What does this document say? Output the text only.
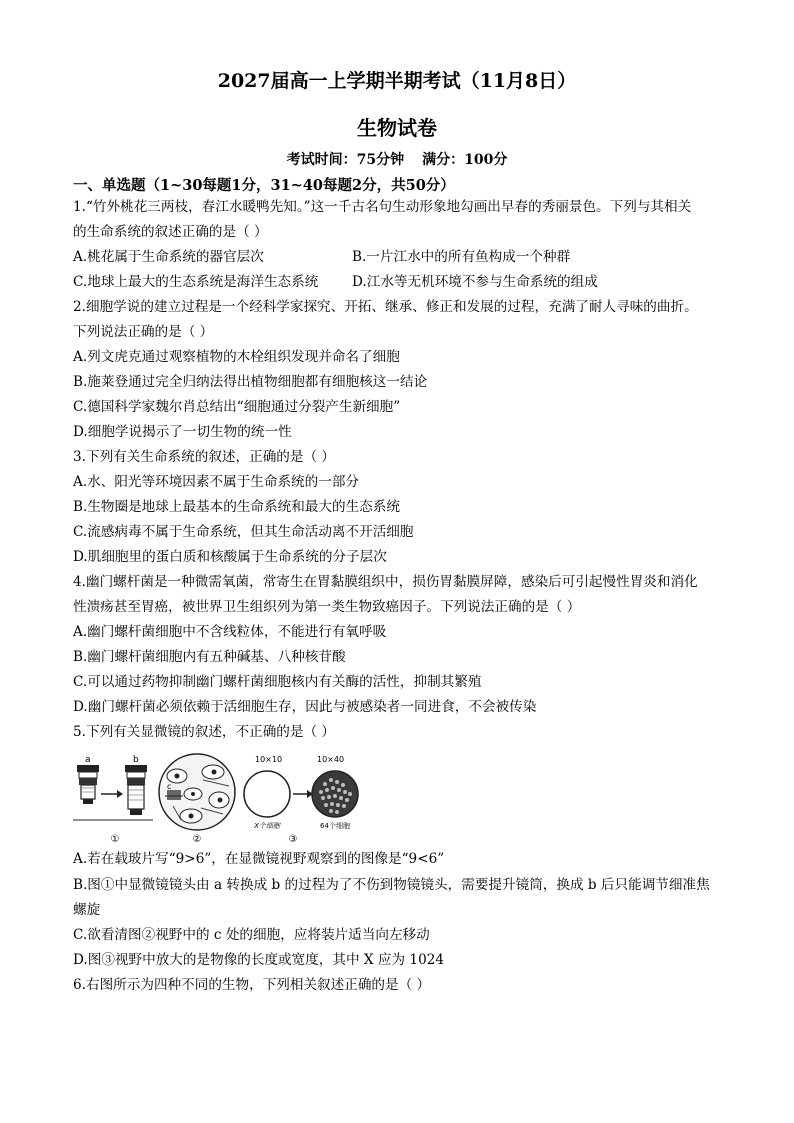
2027届高一上学期半期考试（11月8日）
生物试卷
考试时间：75分钟 满分：100分
一、单选题（1~30每题1分，31~40每题2分，共50分）
1.“竹外桃花三两枝，春江水暖鸭先知。”这一千古名句生动形象地勾画出早春的秀丽景色。下列与其相关
的生命系统的叙述正确的是（ ）
A.桃花属于生命系统的器官层次	B.一片江水中的所有鱼构成一个种群
C.地球上最大的生态系统是海洋生态系统 D.江水等无机环境不参与生命系统的组成
2.细胞学说的建立过程是一个经科学家探究、开拓、继承、修正和发展的过程，充满了耐人寻味的曲折。
下列说法正确的是（ ）
A.列文虎克通过观察植物的木栓组织发现并命名了细胞
B.施莱登通过完全归纳法得出植物细胞都有细胞核这一结论
C.德国科学家魏尔肖总结出“细胞通过分裂产生新细胞”
D.细胞学说揭示了一切生物的统一性
3.下列有关生命系统的叙述，正确的是（ ）
A.水、阳光等环境因素不属于生命系统的一部分
B.生物圈是地球上最基本的生命系统和最大的生态系统
C.流感病毒不属于生命系统，但其生命活动离不开活细胞
D.肌细胞里的蛋白质和核酸属于生命系统的分子层次
4.幽门螺杆菌是一种微需氧菌，常寄生在胃黏膜组织中，损伤胃黏膜屏障，感染后可引起慢性胃炎和消化
性溃疡甚至胃癌，被世界卫生组织列为第一类生物致癌因子。下列说法正确的是（ ）
A.幽门螺杆菌细胞中不含线粒体，不能进行有氧呼吸
B.幽门螺杆菌细胞内有五种碱基、八种核苷酸
C.可以通过药物抑制幽门螺杆菌细胞核内有关酶的活性，抑制其繁殖
D.幽门螺杆菌必须依赖于活细胞生存，因此与被感染者一同进食，不会被传染
5.下列有关显微镜的叙述，不正确的是（ ）
a	b
①
c
②
10×10
X个细胞
10×40
64个细胞
③
A.若在载玻片写“9>6”，在显微镜视野观察到的图像是“9<6”
B.图①中显微镜镜头由 a 转换成 b 的过程为了不伤到物镜镜头，需要提升镜筒，换成 b 后只能调节细准焦
螺旋
C.欲看清图②视野中的 c 处的细胞，应将装片适当向左移动
D.图③视野中放大的是物像的长度或宽度，其中 X 应为 1024
6.右图所示为四种不同的生物，下列相关叙述正确的是（ ）
